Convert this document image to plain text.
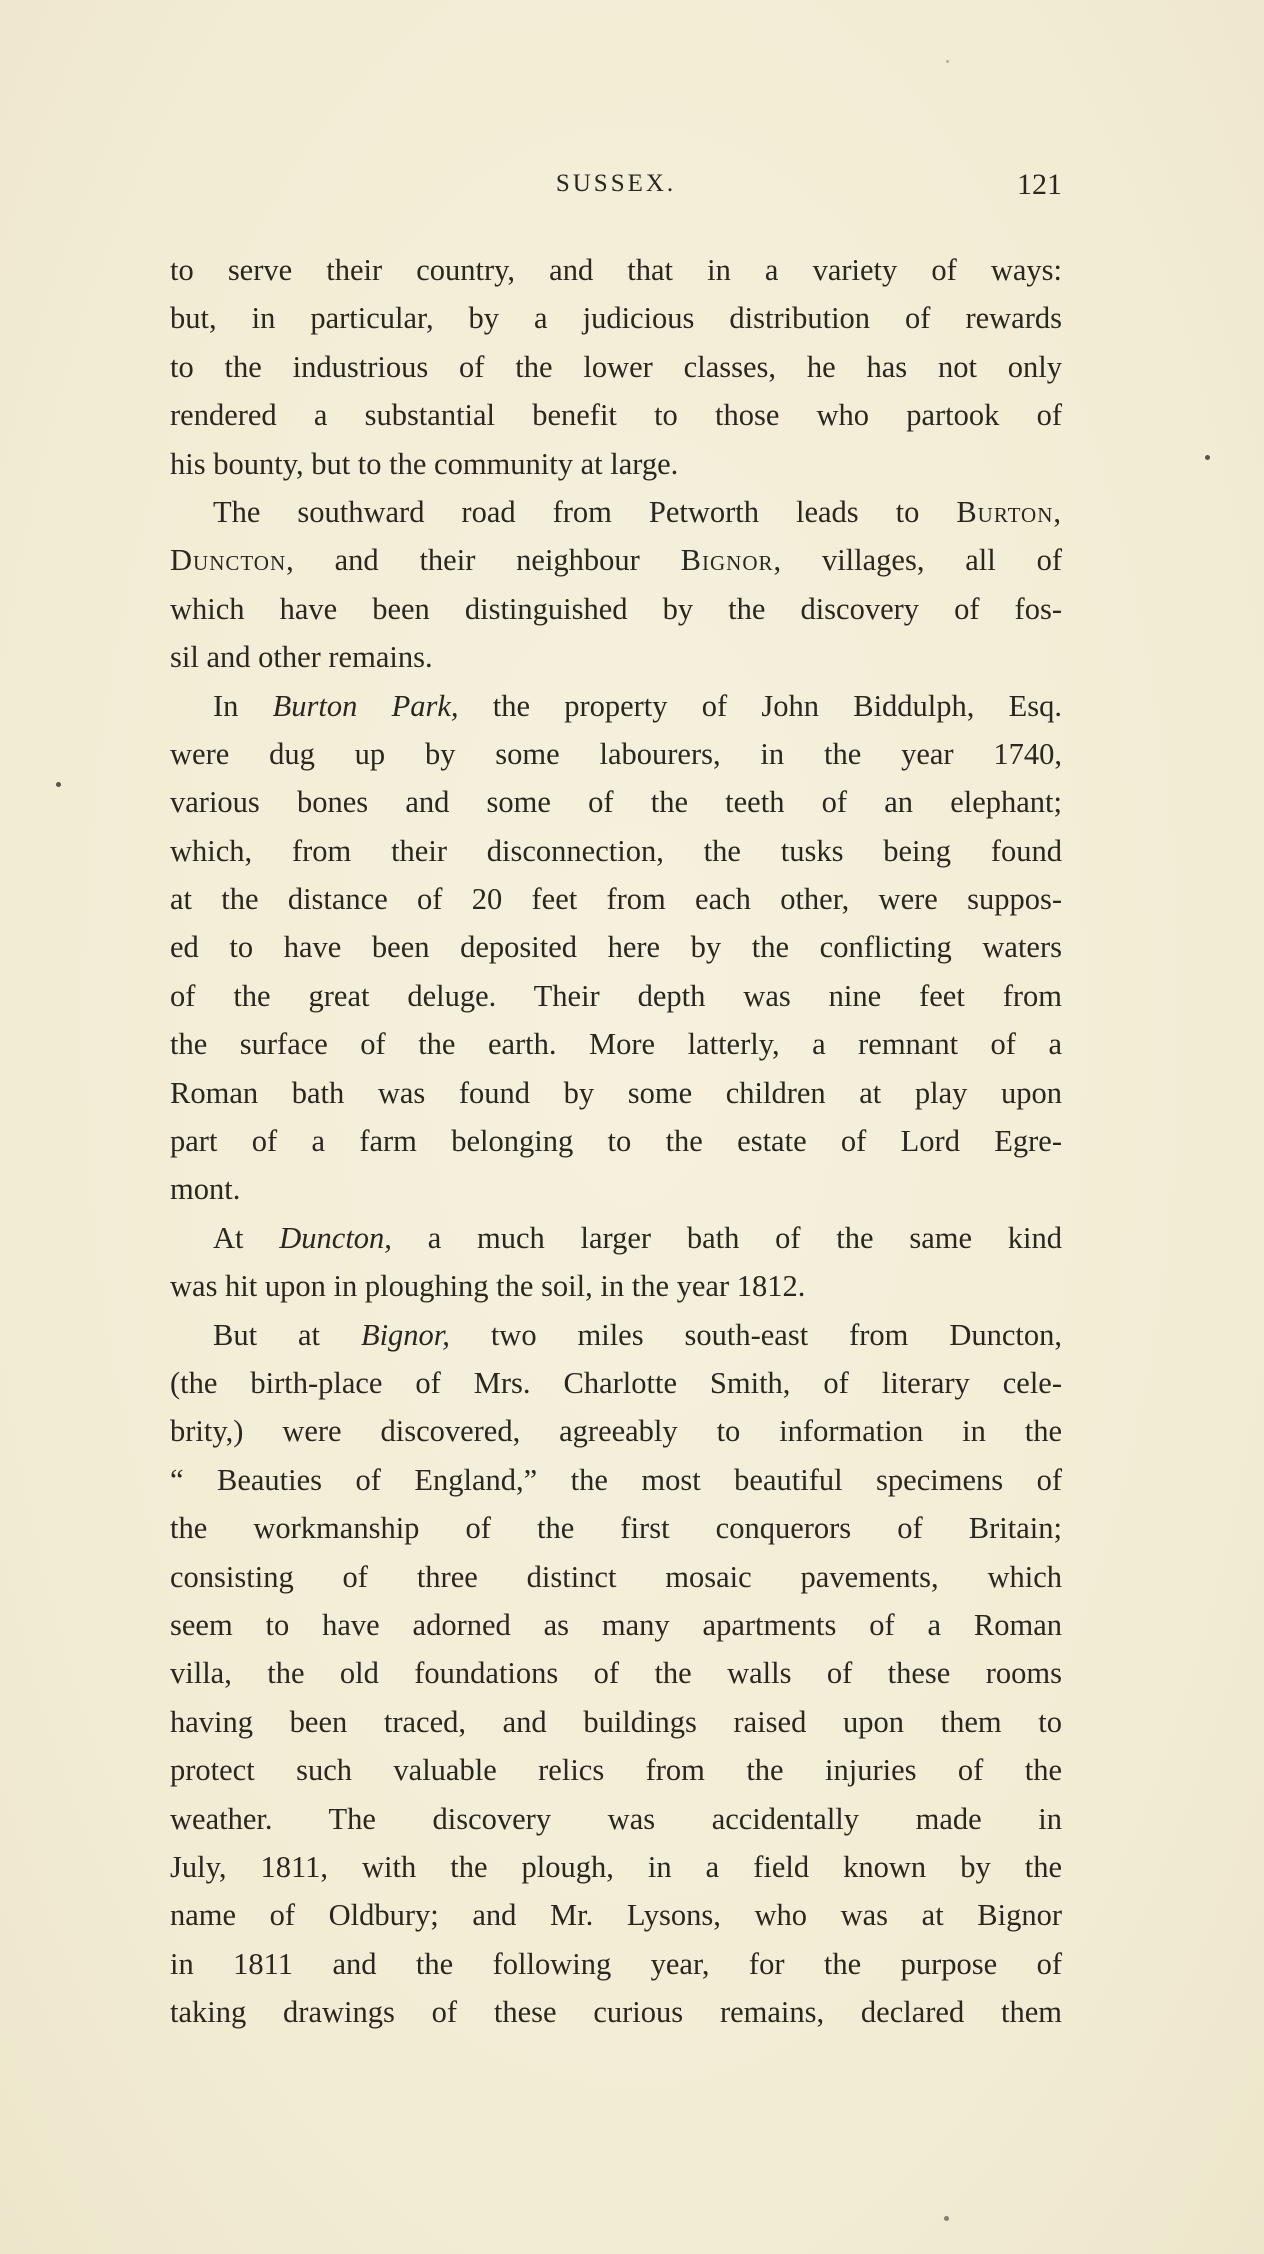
SUSSEX.	121
to serve their country, and that in a variety of ways:
but, in particular, by a judicious distribution of rewards
to the industrious of the lower classes, he has not only
rendered a substantial benefit to those who partook of
his bounty, but to the community at large.
The southward road from Petworth leads to Burton,
Duncton, and their neighbour Bignor, villages, all of
which have been distinguished by the discovery of fos-
sil and other remains.
In Burton Park, the property of John Biddulph, Esq.
were dug up by some labourers, in the year 1740,
various bones and some of the teeth of an elephant;
which, from their disconnection, the tusks being found
at the distance of 20 feet from each other, were suppos-
ed to have been deposited here by the conflicting waters
of the great deluge. Their depth was nine feet from
the surface of the earth. More latterly, a remnant of a
Roman bath was found by some children at play upon
part of a farm belonging to the estate of Lord Egre-
mont.
At Duncton, a much larger bath of the same kind
was hit upon in ploughing the soil, in the year 1812.
But at Bignor, two miles south-east from Duncton,
(the birth-place of Mrs. Charlotte Smith, of literary cele-
brity,) were discovered, agreeably to information in the
“ Beauties of England,” the most beautiful specimens of
the workmanship of the first conquerors of Britain;
consisting of three distinct mosaic pavements, which
seem to have adorned as many apartments of a Roman
villa, the old foundations of the walls of these rooms
having been traced, and buildings raised upon them to
protect such valuable relics from the injuries of the
weather. The discovery was accidentally made in
July, 1811, with the plough, in a field known by the
name of Oldbury; and Mr. Lysons, who was at Bignor
in 1811 and the following year, for the purpose of
taking drawings of these curious remains, declared them
